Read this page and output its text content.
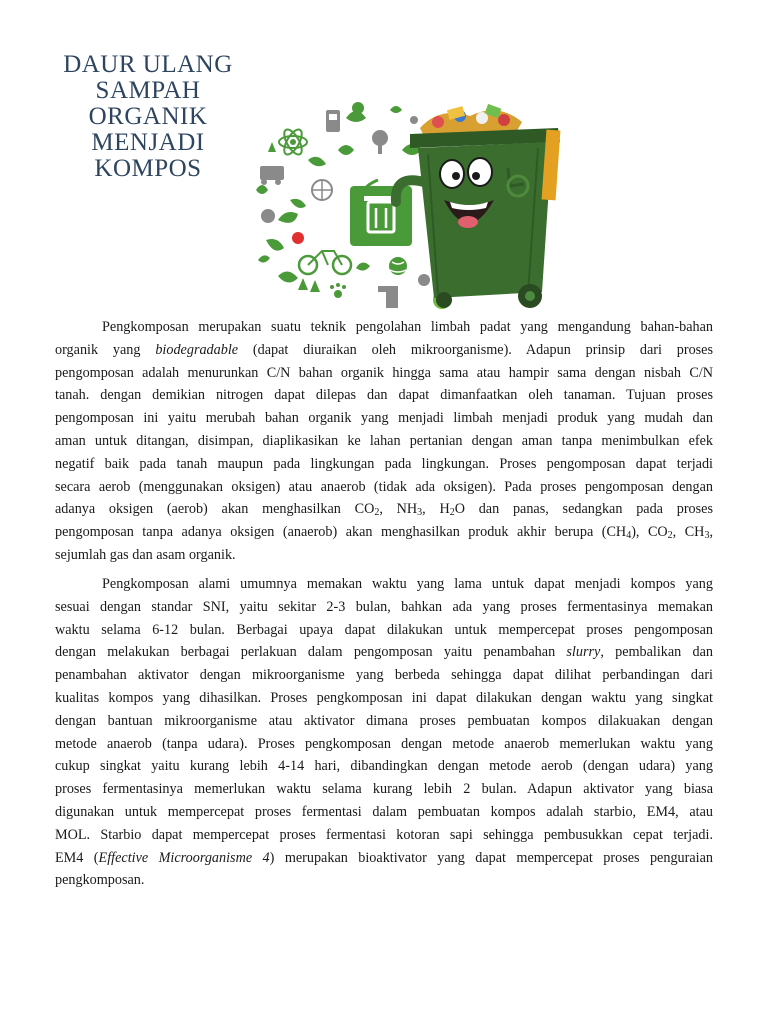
DAUR ULANG
SAMPAH
ORGANIK
MENJADI
KOMPOS
Pengkomposan merupakan suatu teknik pengolahan limbah padat yang mengandung bahan-bahan
organik yang biodegradable (dapat diuraikan oleh mikroorganisme). Adapun prinsip dari proses
pengomposan adalah menurunkan C/N bahan organik hingga sama atau hampir sama dengan nisbah C/N
tanah. dengan demikian nitrogen dapat dilepas dan dapat dimanfaatkan oleh tanaman. Tujuan proses
pengomposan ini yaitu merubah bahan organik yang menjadi limbah menjadi produk yang mudah dan
aman untuk ditangan, disimpan, diaplikasikan ke lahan pertanian dengan aman tanpa menimbulkan efek
negatif baik pada tanah maupun pada lingkungan pada lingkungan. Proses pengomposan dapat terjadi
secara aerob (menggunakan oksigen) atau anaerob (tidak ada oksigen). Pada proses pengomposan dengan
adanya oksigen (aerob) akan menghasilkan $CO_2$, $NH_3$, $H_2O$ dan panas, sedangkan pada proses
pengomposan tanpa adanya oksigen (anaerob) akan menghasilkan produk akhir berupa $(CH_4)$, $CO_2$, $CH_3$,
sejumlah gas dan asam organik.
Pengkomposan alami umumnya memakan waktu yang lama untuk dapat menjadi kompos yang
sesuai dengan standar SNI, yaitu sekitar 2-3 bulan, bahkan ada yang proses fermentasinya memakan
waktu selama 6-12 bulan. Berbagai upaya dapat dilakukan untuk mempercepat proses pengomposan
dengan melakukan berbagai perlakuan dalam pengomposan yaitu penambahan slurry, pembalikan dan
penambahan aktivator dengan mikroorganisme yang berbeda sehingga dapat dilihat perbandingan dari
kualitas kompos yang dihasilkan. Proses pengkomposan ini dapat dilakukan dengan waktu yang singkat
dengan bantuan mikroorganisme atau aktivator dimana proses pembuatan kompos dilakuakan dengan
metode anaerob (tanpa udara). Proses pengkomposan dengan metode anaerob memerlukan waktu yang
cukup singkat yaitu kurang lebih 4-14 hari, dibandingkan dengan metode aerob (dengan udara) yang
proses fermentasinya memerlukan waktu selama kurang lebih 2 bulan. Adapun aktivator yang biasa
digunakan untuk mempercepat proses fermentasi dalam pembuatan kompos adalah starbio, EM4, atau
MOL. Starbio dapat mempercepat proses fermentasi kotoran sapi sehingga pembusukkan cepat terjadi.
EM4 (Effective Microorganisme 4) merupakan bioaktivator yang dapat mempercepat proses penguraian
pengkomposan.
